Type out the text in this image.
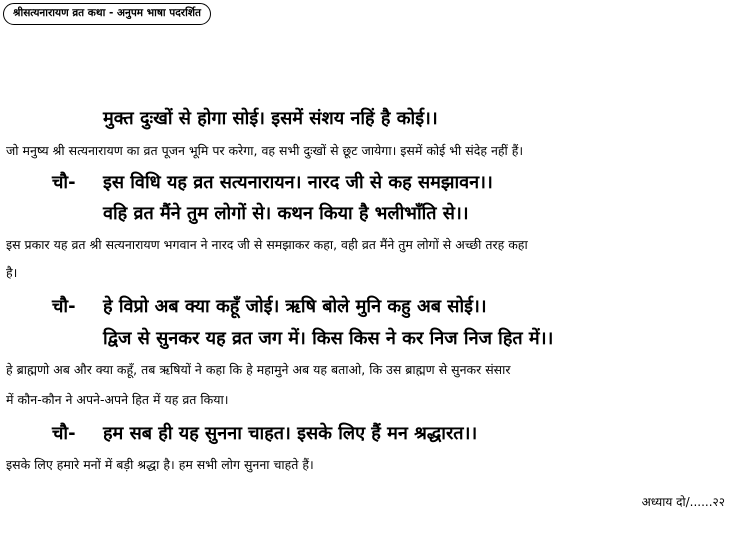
श्रीसत्यनारायण व्रत कथा - अनुपम भाषा पदरर्शित
मुक्त दुःखों से होगा सोई। इसमें संशय नहिं है कोई।।
जो मनुष्य श्री सत्यनारायण का व्रत पूजन भूमि पर करेगा, वह सभी दुःखों से छूट जायेगा। इसमें कोई भी संदेह नहीं हैं।
चौ- इस विधि यह व्रत सत्यनारायन। नारद जी से कह समझावन।।
वहि व्रत मैंने तुम लोगों से। कथन किया है भलीभाँति से।।
इस प्रकार यह व्रत श्री सत्यनारायण भगवान ने नारद जी से समझाकर कहा, वही व्रत मैंने तुम लोगों से अच्छी तरह कहा
है।
चौ- हे विप्रो अब क्या कहूँ जोई। ऋषि बोले मुनि कहु अब सोई।।
द्विज से सुनकर यह व्रत जग में। किस किस ने कर निज निज हित में।।
हे ब्राह्मणो अब और क्या कहूँ, तब ऋषियों ने कहा कि हे महामुने अब यह बताओ, कि उस ब्राह्मण से सुनकर संसार
में कौन-कौन ने अपने-अपने हित में यह व्रत किया।
चौ- हम सब ही यह सुनना चाहत। इसके लिए हैं मन श्रद्धारत।।
इसके लिए हमारे मनों में बड़ी श्रद्धा है। हम सभी लोग सुनना चाहते हैं।
अध्याय दो/......२२
